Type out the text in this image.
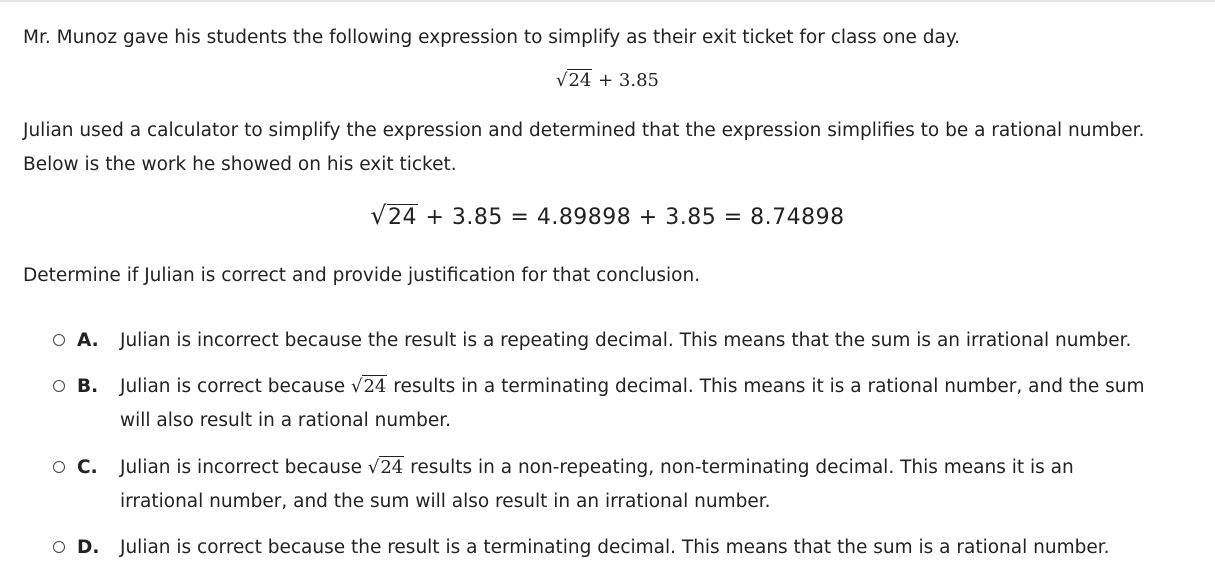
Mr. Munoz gave his students the following expression to simplify as their exit ticket for class one day.
√24 + 3.85
Julian used a calculator to simplify the expression and determined that the expression simplifies to be a rational number.
Below is the work he showed on his exit ticket.
√24 + 3.85 = 4.89898 + 3.85 = 8.74898
Determine if Julian is correct and provide justification for that conclusion.
A. Julian is incorrect because the result is a repeating decimal. This means that the sum is an irrational number.
B. Julian is correct because √24 results in a terminating decimal. This means it is a rational number, and the sum will also result in a rational number.
C. Julian is incorrect because √24 results in a non-repeating, non-terminating decimal. This means it is an irrational number, and the sum will also result in an irrational number.
D. Julian is correct because the result is a terminating decimal. This means that the sum is a rational number.
